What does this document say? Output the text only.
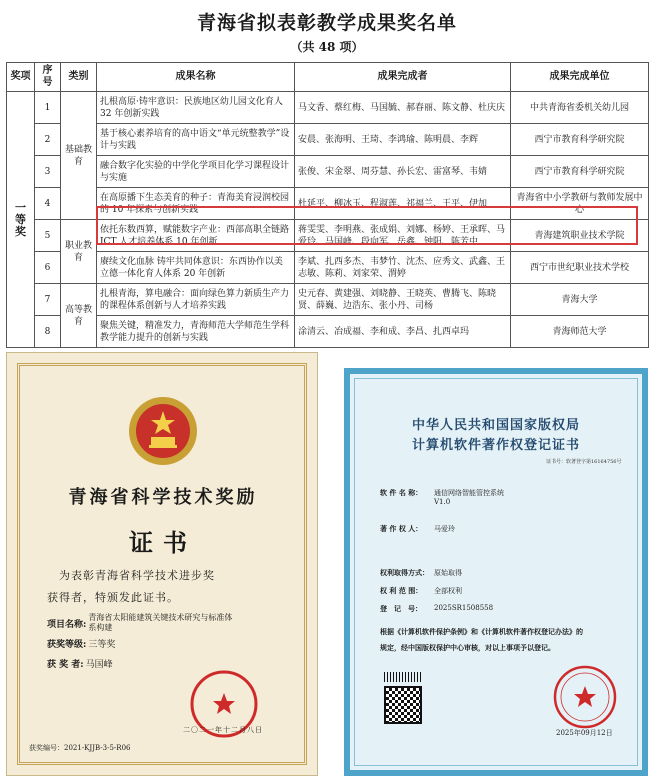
青海省拟表彰教学成果奖名单
（共 48 项）
奖项	序号	类别	成果名称	成果完成者	成果完成单位
一等奖	1	基础教育	扎根高原·铸牢意识：民族地区幼儿园文化育人 32 年创新实践	马文香、蔡红梅、马国毓、郝春丽、陈文静、杜庆庆	中共青海省委机关幼儿园
	2		基于核心素养培育的高中语文“单元统整教学”设计与实践	安晨、张海明、王琦、李鸿瑜、陈明晨、李辉	西宁市教育科学研究院
	3		融合数字化实验的中学化学项目化学习课程设计与实施	张俊、宋金翠、周芬慧、孙长宏、雷富琴、韦婧	西宁市教育科学研究院
	4		在高原播下生态美育的种子：青海美育浸润校园的 10 年探索与创新实践	杜延平、柳冰玉、程淑莲、祁福兰、王平、伊加	青海省中小学教研与教师发展中心
	5	职业教育	依托东数西算，赋能数字产业：西部高职全链路 ICT 人才培养体系 10 年创新	蒋雯雯、李明燕、张成娟、刘娜、杨婷、王承晖、马爱玲、马国峰、段向军、岳鑫、钟阳、陈芳中	青海建筑职业技术学院
	6		赓续文化血脉 铸牢共同体意识：东西协作以美立德一体化育人体系 20 年创新	李斌、扎西多杰、韦梦竹、沈杰、应秀文、武鑫、王志敏、陈莉、刘家荣、渭婷	西宁市世纪职业技术学校
	7	高等教育	扎根青海，算电融合：面向绿色算力新质生产力的课程体系创新与人才培养实践	史元春、黄建强、刘晓静、王晓英、曹腾飞、陈晓贤、薛巍、边浩东、张小丹、司杨	青海大学
	8		聚焦关键，精准发力，青海师范大学师范生学科教学能力提升的创新与实践	涂清云、冶成福、李和成、李昌、扎西卓玛	青海师范大学
青海省科学技术奖励
证书
为表彰青海省科学技术进步奖
获得者，特颁发此证书。
项目名称:
青海省太阳能建筑关键技术研究与标准体系构建
获奖等级: 三等奖
获 奖 者: 马国峰
二〇二一年十二月八日
获奖编号：2021-KJJB-3-5-R06
中华人民共和国国家版权局
计算机软件著作权登记证书
证书号：软著登字第16164756号
软 件 名 称：	通信网络智能管控系统
V1.0
著 作 权 人：	马爱玲
权利取得方式： 原始取得
权 利 范 围：	全部权利
登　记　号：	2025SR1508558
根据《计算机软件保护条例》和《计算机软件著作权登记办法》的
规定，经中国版权保护中心审核，对以上事项予以登记。
2025年09月12日
